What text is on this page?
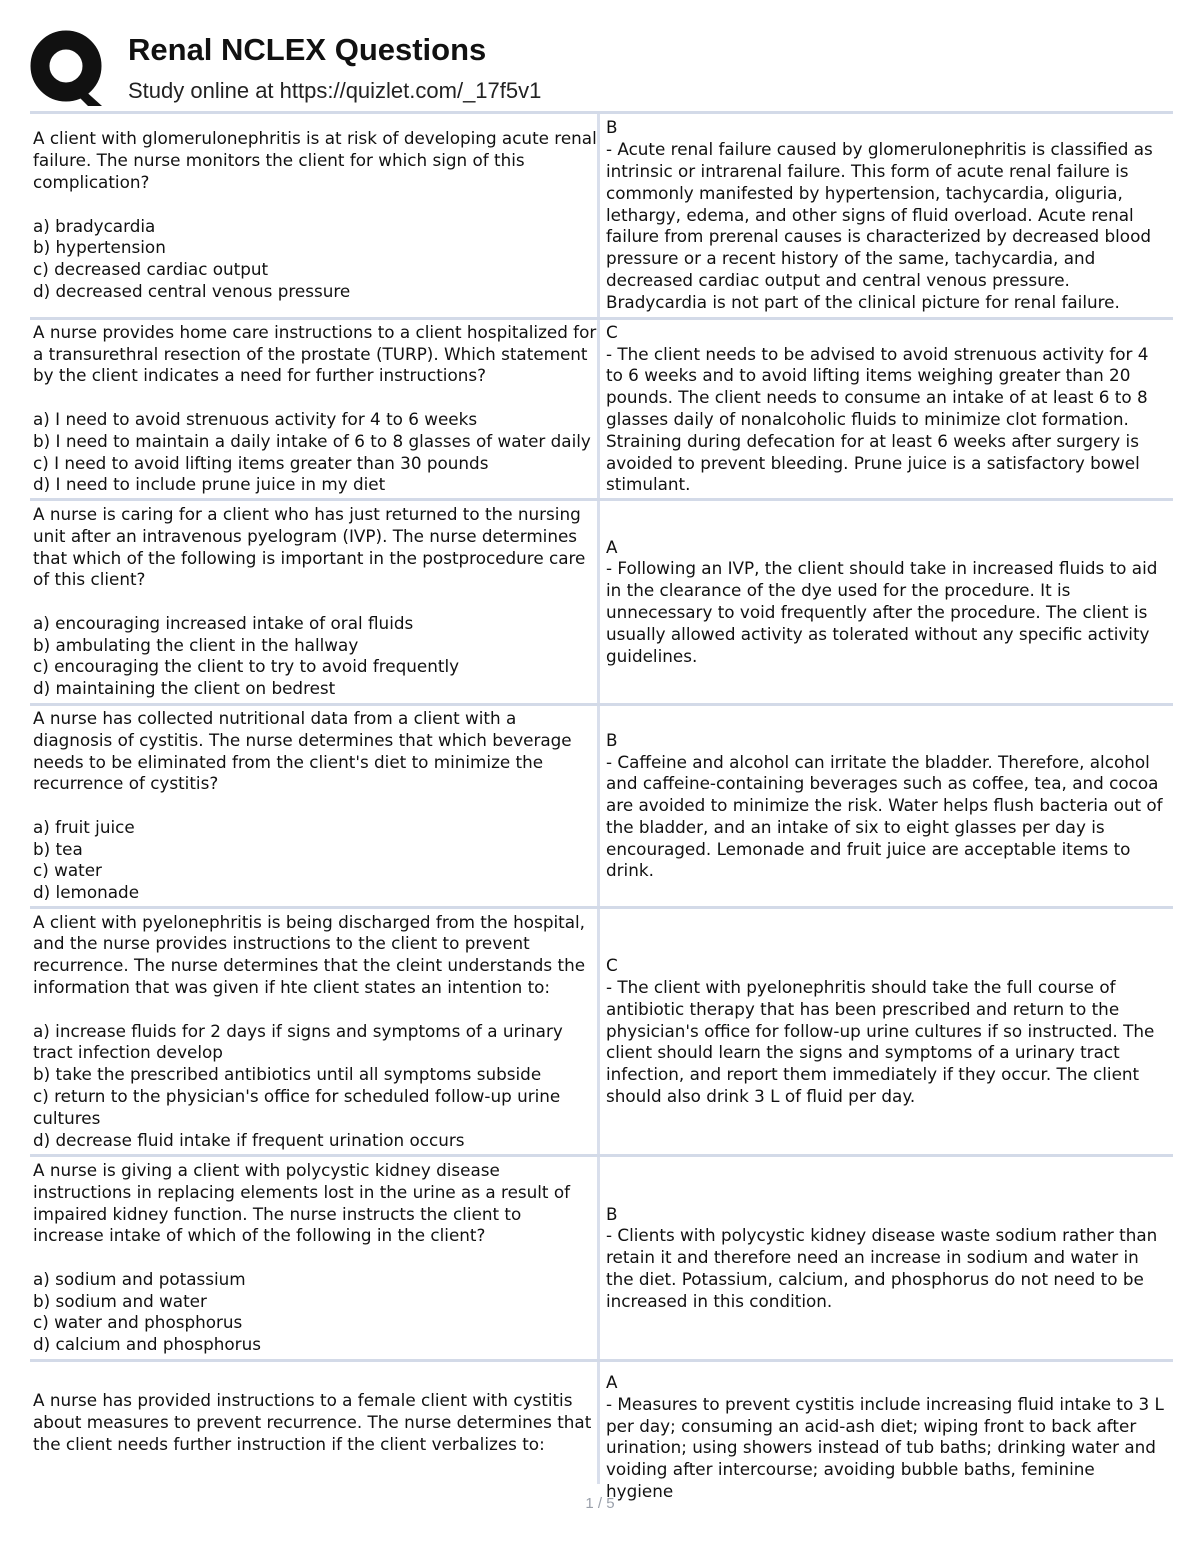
Renal NCLEX Questions
Study online at https://quizlet.com/_17f5v1
A client with glomerulonephritis is at risk of developing acute renal failure. The nurse monitors the client for which sign of this complication?
a) bradycardia
b) hypertension
c) decreased cardiac output
d) decreased central venous pressure
B
- Acute renal failure caused by glomerulonephritis is classified as intrinsic or intrarenal failure. This form of acute renal failure is commonly manifested by hypertension, tachycardia, oliguria, lethargy, edema, and other signs of fluid overload. Acute renal failure from prerenal causes is characterized by decreased blood pressure or a recent history of the same, tachycardia, and decreased cardiac output and central venous pressure. Bradycardia is not part of the clinical picture for renal failure.
A nurse provides home care instructions to a client hospitalized for a transurethral resection of the prostate (TURP). Which statement by the client indicates a need for further instructions?
a) I need to avoid strenuous activity for 4 to 6 weeks
b) I need to maintain a daily intake of 6 to 8 glasses of water daily
c) I need to avoid lifting items greater than 30 pounds
d) I need to include prune juice in my diet
C
- The client needs to be advised to avoid strenuous activity for 4 to 6 weeks and to avoid lifting items weighing greater than 20 pounds. The client needs to consume an intake of at least 6 to 8 glasses daily of nonalcoholic fluids to minimize clot formation. Straining during defecation for at least 6 weeks after surgery is avoided to prevent bleeding. Prune juice is a satisfactory bowel stimulant.
A nurse is caring for a client who has just returned to the nursing unit after an intravenous pyelogram (IVP). The nurse determines that which of the following is important in the postprocedure care of this client?
a) encouraging increased intake of oral fluids
b) ambulating the client in the hallway
c) encouraging the client to try to avoid frequently
d) maintaining the client on bedrest
A
- Following an IVP, the client should take in increased fluids to aid in the clearance of the dye used for the procedure. It is unnecessary to void frequently after the procedure. The client is usually allowed activity as tolerated without any specific activity guidelines.
A nurse has collected nutritional data from a client with a diagnosis of cystitis. The nurse determines that which beverage needs to be eliminated from the client's diet to minimize the recurrence of cystitis?
a) fruit juice
b) tea
c) water
d) lemonade
B
- Caffeine and alcohol can irritate the bladder. Therefore, alcohol and caffeine-containing beverages such as coffee, tea, and cocoa are avoided to minimize the risk. Water helps flush bacteria out of the bladder, and an intake of six to eight glasses per day is encouraged. Lemonade and fruit juice are acceptable items to drink.
A client with pyelonephritis is being discharged from the hospital, and the nurse provides instructions to the client to prevent recurrence. The nurse determines that the cleint understands the information that was given if hte client states an intention to:
a) increase fluids for 2 days if signs and symptoms of a urinary tract infection develop
b) take the prescribed antibiotics until all symptoms subside
c) return to the physician's office for scheduled follow-up urine cultures
d) decrease fluid intake if frequent urination occurs
C
- The client with pyelonephritis should take the full course of antibiotic therapy that has been prescribed and return to the physician's office for follow-up urine cultures if so instructed. The client should learn the signs and symptoms of a urinary tract infection, and report them immediately if they occur. The client should also drink 3 L of fluid per day.
A nurse is giving a client with polycystic kidney disease instructions in replacing elements lost in the urine as a result of impaired kidney function. The nurse instructs the client to increase intake of which of the following in the client?
a) sodium and potassium
b) sodium and water
c) water and phosphorus
d) calcium and phosphorus
B
- Clients with polycystic kidney disease waste sodium rather than retain it and therefore need an increase in sodium and water in the diet. Potassium, calcium, and phosphorus do not need to be increased in this condition.
A nurse has provided instructions to a female client with cystitis about measures to prevent recurrence. The nurse determines that the client needs further instruction if the client verbalizes to:
A
- Measures to prevent cystitis include increasing fluid intake to 3 L per day; consuming an acid-ash diet; wiping front to back after urination; using showers instead of tub baths; drinking water and voiding after intercourse; avoiding bubble baths, feminine hygiene
1 / 5
